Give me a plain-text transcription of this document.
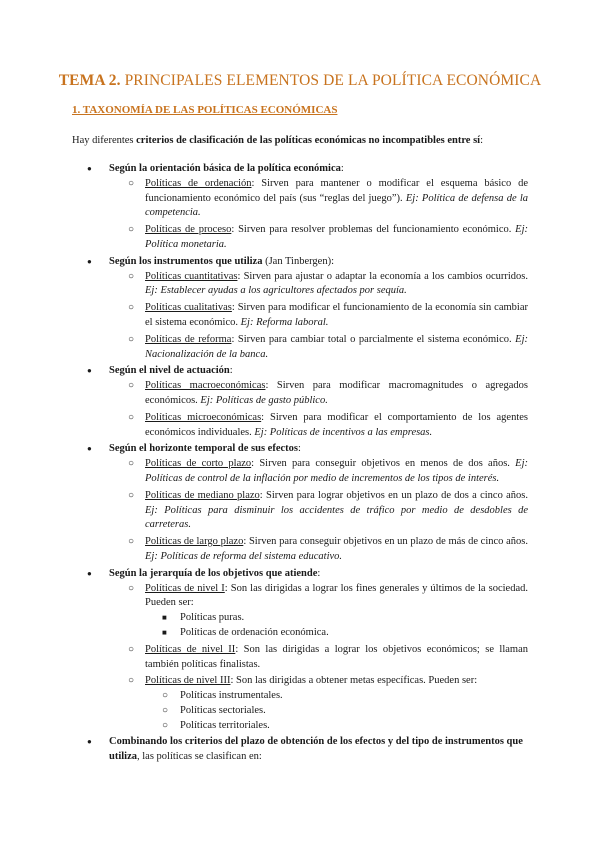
TEMA 2. PRINCIPALES ELEMENTOS DE LA POLÍTICA ECONÓMICA
1. TAXONOMÍA DE LAS POLÍTICAS ECONÓMICAS
Hay diferentes criterios de clasificación de las políticas económicas no incompatibles entre sí:
● Según la orientación básica de la política económica:
○ Políticas de ordenación: Sirven para mantener o modificar el esquema básico de funcionamiento económico del país (sus “reglas del juego”). Ej: Política de defensa de la competencia.
○ Políticas de proceso: Sirven para resolver problemas del funcionamiento económico. Ej: Política monetaria.
● Según los instrumentos que utiliza (Jan Tinbergen):
○ Políticas cuantitativas: Sirven para ajustar o adaptar la economía a los cambios ocurridos. Ej: Establecer ayudas a los agricultores afectados por sequía.
○ Políticas cualitativas: Sirven para modificar el funcionamiento de la economía sin cambiar el sistema económico. Ej: Reforma laboral.
○ Políticas de reforma: Sirven para cambiar total o parcialmente el sistema económico. Ej: Nacionalización de la banca.
● Según el nivel de actuación:
○ Políticas macroeconómicas: Sirven para modificar macromagnitudes o agregados económicos. Ej: Políticas de gasto público.
○ Políticas microeconómicas: Sirven para modificar el comportamiento de los agentes económicos individuales. Ej: Políticas de incentivos a las empresas.
● Según el horizonte temporal de sus efectos:
○ Políticas de corto plazo: Sirven para conseguir objetivos en menos de dos años. Ej: Políticas de control de la inflación por medio de incrementos de los tipos de interés.
○ Políticas de mediano plazo: Sirven para lograr objetivos en un plazo de dos a cinco años. Ej: Políticas para disminuir los accidentes de tráfico por medio de desdobles de carreteras.
○ Políticas de largo plazo: Sirven para conseguir objetivos en un plazo de más de cinco años. Ej: Políticas de reforma del sistema educativo.
● Según la jerarquía de los objetivos que atiende:
○ Políticas de nivel I: Son las dirigidas a lograr los fines generales y últimos de la sociedad. Pueden ser:
■ Políticas puras.
■ Políticas de ordenación económica.
○ Políticas de nivel II: Son las dirigidas a lograr los objetivos económicos; se llaman también políticas finalistas.
○ Políticas de nivel III: Son las dirigidas a obtener metas específicas. Pueden ser:
○ Políticas instrumentales.
○ Políticas sectoriales.
○ Políticas territoriales.
● Combinando los criterios del plazo de obtención de los efectos y del tipo de instrumentos que utiliza, las políticas se clasifican en:
